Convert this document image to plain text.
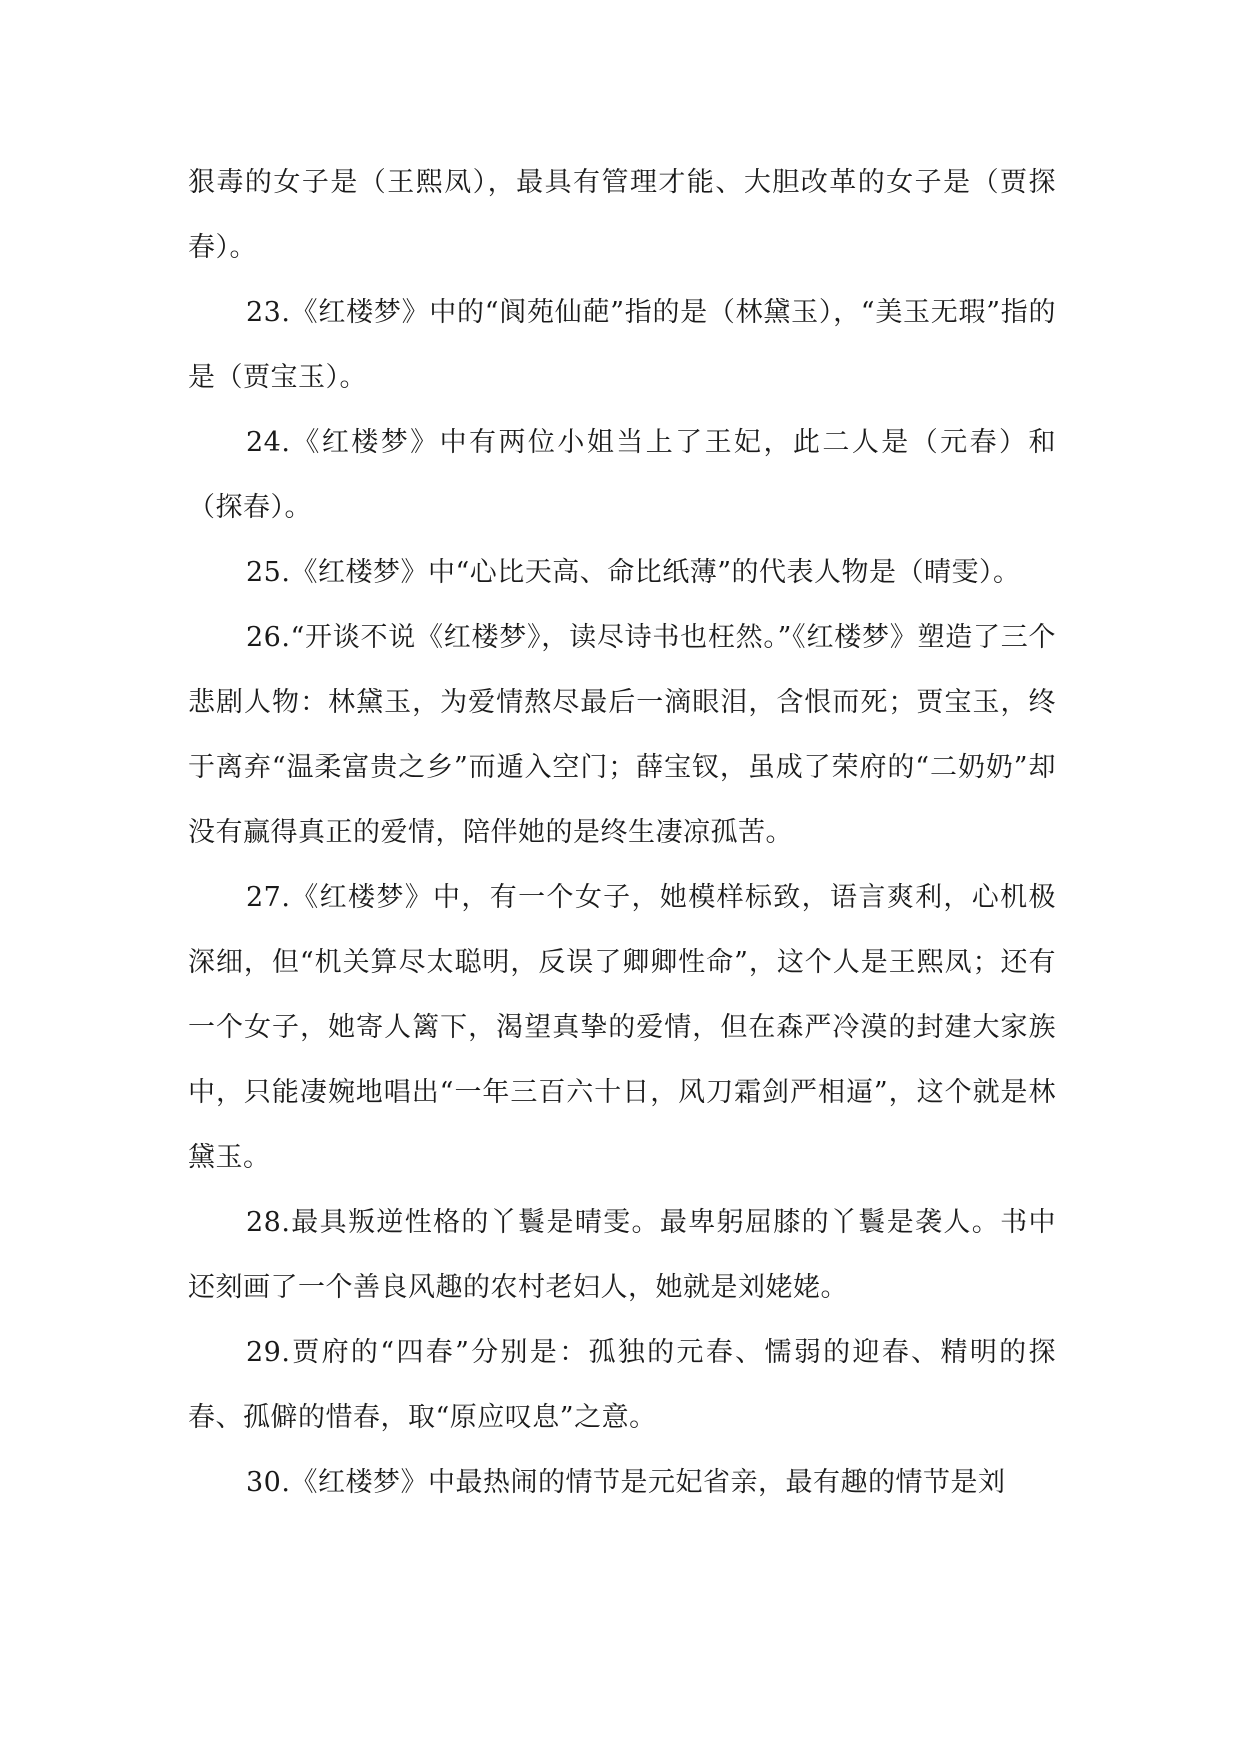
狠毒的女子是（王熙凤），最具有管理才能、大胆改革的女子是（贾探春）。

23.《红楼梦》中的“阆苑仙葩”指的是（林黛玉），“美玉无瑕”指的是（贾宝玉）。

24.《红楼梦》中有两位小姐当上了王妃，此二人是（元春）和（探春）。

25.《红楼梦》中“心比天高、命比纸薄”的代表人物是（晴雯）。

26.“开谈不说《红楼梦》，读尽诗书也枉然。”《红楼梦》塑造了三个悲剧人物：林黛玉，为爱情熬尽最后一滴眼泪，含恨而死；贾宝玉，终于离弃“温柔富贵之乡”而遁入空门；薛宝钗，虽成了荣府的“二奶奶”却没有赢得真正的爱情，陪伴她的是终生凄凉孤苦。

27.《红楼梦》中，有一个女子，她模样标致，语言爽利，心机极深细，但“机关算尽太聪明，反误了卿卿性命”，这个人是王熙凤；还有一个女子，她寄人篱下，渴望真挚的爱情，但在森严冷漠的封建大家族中，只能凄婉地唱出“一年三百六十日，风刀霜剑严相逼”，这个就是林黛玉。

28.最具叛逆性格的丫鬟是晴雯。最卑躬屈膝的丫鬟是袭人。书中还刻画了一个善良风趣的农村老妇人，她就是刘姥姥。

29.贾府的“四春”分别是：孤独的元春、懦弱的迎春、精明的探春、孤僻的惜春，取“原应叹息”之意。

30.《红楼梦》中最热闹的情节是元妃省亲，最有趣的情节是刘
